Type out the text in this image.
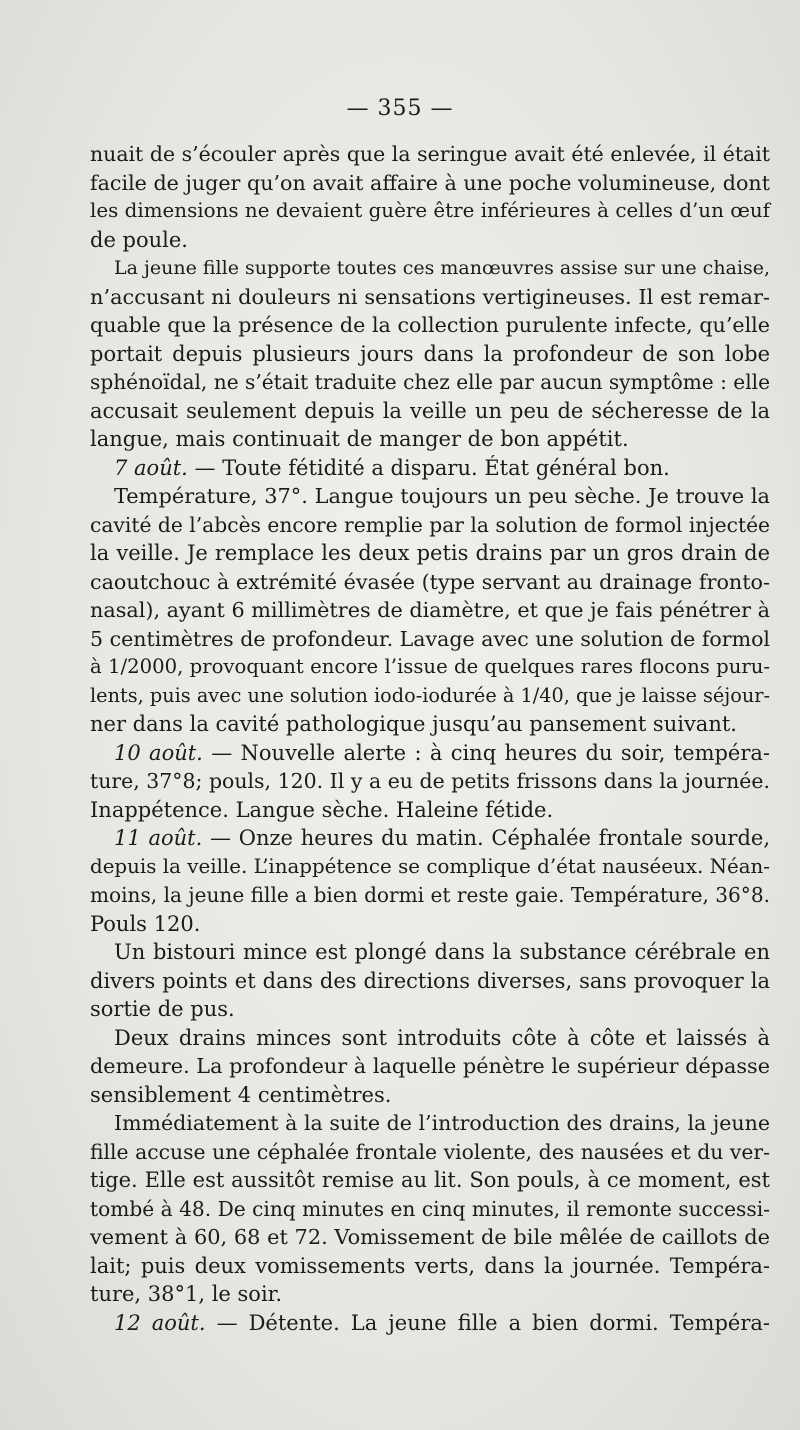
— 355 —
nuait de s’écouler après que la seringue avait été enlevée, il était
facile de juger qu’on avait affaire à une poche volumineuse, dont
les dimensions ne devaient guère être inférieures à celles d’un œuf
de poule.
La jeune fille supporte toutes ces manœuvres assise sur une chaise,
n’accusant ni douleurs ni sensations vertigineuses. Il est remar-
quable que la présence de la collection purulente infecte, qu’elle
portait depuis plusieurs jours dans la profondeur de son lobe
sphénoïdal, ne s’était traduite chez elle par aucun symptôme : elle
accusait seulement depuis la veille un peu de sécheresse de la
langue, mais continuait de manger de bon appétit.
7 août. — Toute fétidité a disparu. État général bon.
Température, 37°. Langue toujours un peu sèche. Je trouve la
cavité de l’abcès encore remplie par la solution de formol injectée
la veille. Je remplace les deux petis drains par un gros drain de
caoutchouc à extrémité évasée (type servant au drainage fronto-
nasal), ayant 6 millimètres de diamètre, et que je fais pénétrer à
5 centimètres de profondeur. Lavage avec une solution de formol
à 1/2000, provoquant encore l’issue de quelques rares flocons puru-
lents, puis avec une solution iodo-iodurée à 1/40, que je laisse séjour-
ner dans la cavité pathologique jusqu’au pansement suivant.
10 août. — Nouvelle alerte : à cinq heures du soir, tempéra-
ture, 37°8; pouls, 120. Il y a eu de petits frissons dans la journée.
Inappétence. Langue sèche. Haleine fétide.
11 août. — Onze heures du matin. Céphalée frontale sourde,
depuis la veille. L’inappétence se complique d’état nauséeux. Néan-
moins, la jeune fille a bien dormi et reste gaie. Température, 36°8.
Pouls 120.
Un bistouri mince est plongé dans la substance cérébrale en
divers points et dans des directions diverses, sans provoquer la
sortie de pus.
Deux drains minces sont introduits côte à côte et laissés à
demeure. La profondeur à laquelle pénètre le supérieur dépasse
sensiblement 4 centimètres.
Immédiatement à la suite de l’introduction des drains, la jeune
fille accuse une céphalée frontale violente, des nausées et du ver-
tige. Elle est aussitôt remise au lit. Son pouls, à ce moment, est
tombé à 48. De cinq minutes en cinq minutes, il remonte successi-
vement à 60, 68 et 72. Vomissement de bile mêlée de caillots de
lait; puis deux vomissements verts, dans la journée. Tempéra-
ture, 38°1, le soir.
12 août. — Détente. La jeune fille a bien dormi. Tempéra-
